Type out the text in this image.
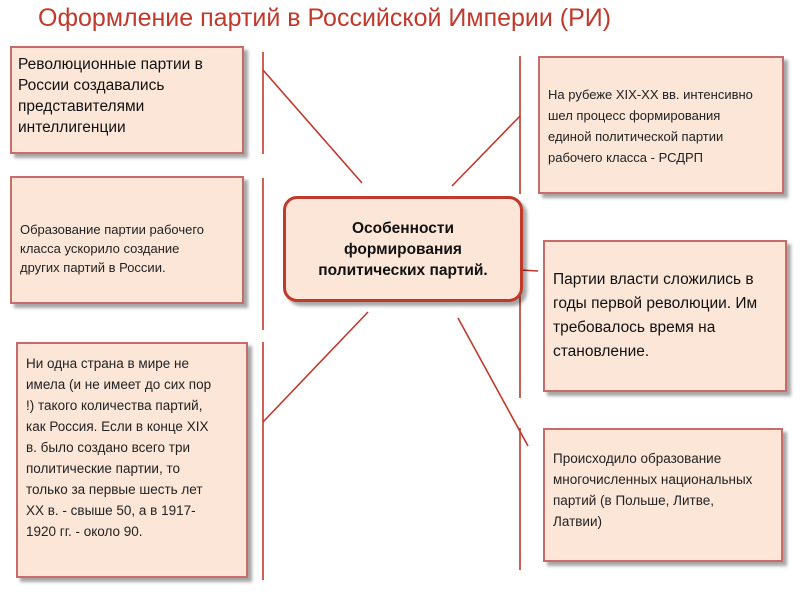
Оформление партий в Российской Империи (РИ)
Революционные партии в
России создавались
представителями
интеллигенции
Образование партии рабочего
класса ускорило создание
других партий в России.
Ни одна страна в мире не
имела (и не имеет до сих пор
!) такого количества партий,
как Россия. Если в конце XIX
в. было создано всего три
политические партии, то
только за первые шесть лет
ХХ в. - свыше 50, а в 1917-
1920 гг. - около 90.
Особенности
формирования
политических партий.
На рубеже XIX-XX вв. интенсивно
шел процесс формирования
единой политической партии
рабочего класса - РСДРП
Партии власти сложились в
годы первой революции. Им
требовалось время на
становление.
Происходило образование
многочисленных национальных
партий (в Польше, Литве,
Латвии)
